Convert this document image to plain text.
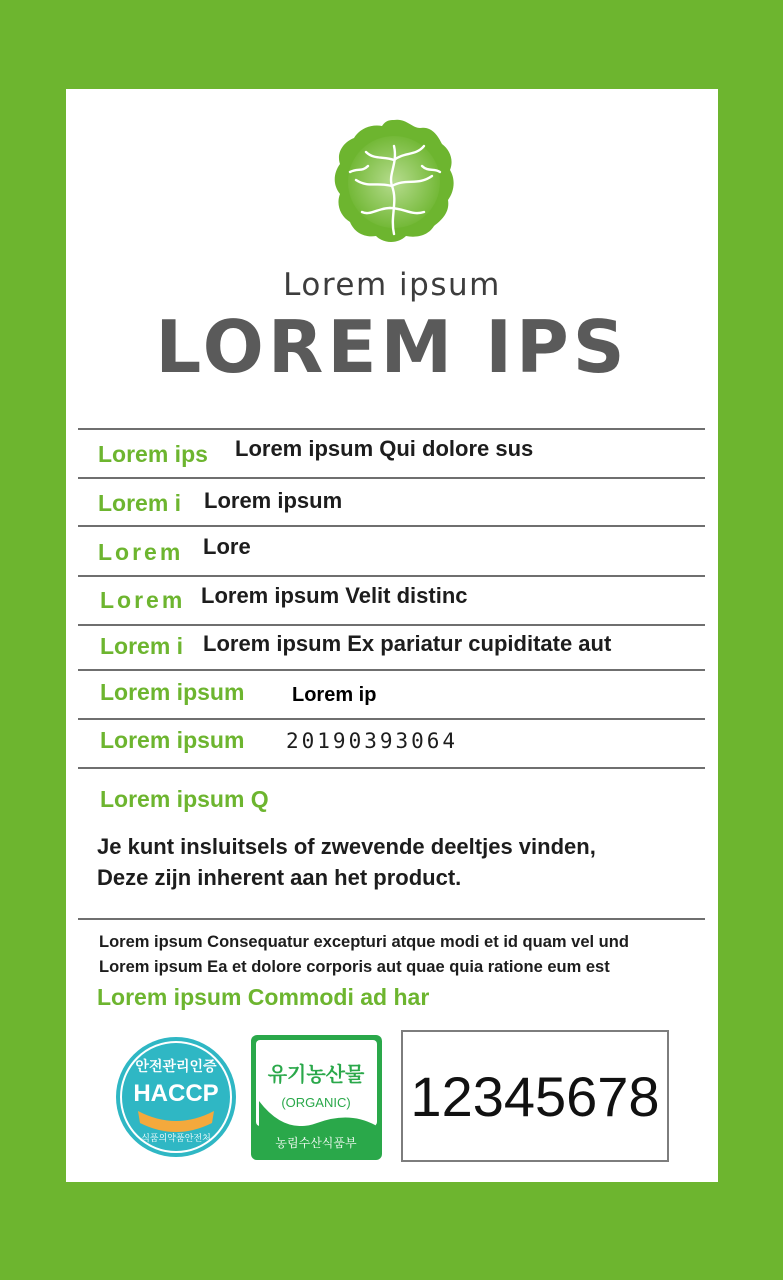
Lorem ipsum
LOREM IPS
Lorem ips Lorem ipsum Qui dolore sus
Lorem i Lorem ipsum
Lorem Lore
Lorem Lorem ipsum Velit distinc
Lorem i Lorem ipsum Ex pariatur cupiditate aut
Lorem ipsum Lorem ip
Lorem ipsum 20190393064
Lorem ipsum Q
Je kunt insluitsels of zwevende deeltjes vinden,
Deze zijn inherent aan het product.
Lorem ipsum Consequatur excepturi atque modi et id quam vel und
Lorem ipsum Ea et dolore corporis aut quae quia ratione eum est
Lorem ipsum Commodi ad har
안전관리인증
HACCP
식품의약품안전처
유기농산물
(ORGANIC)
농림수산식품부
12345678
